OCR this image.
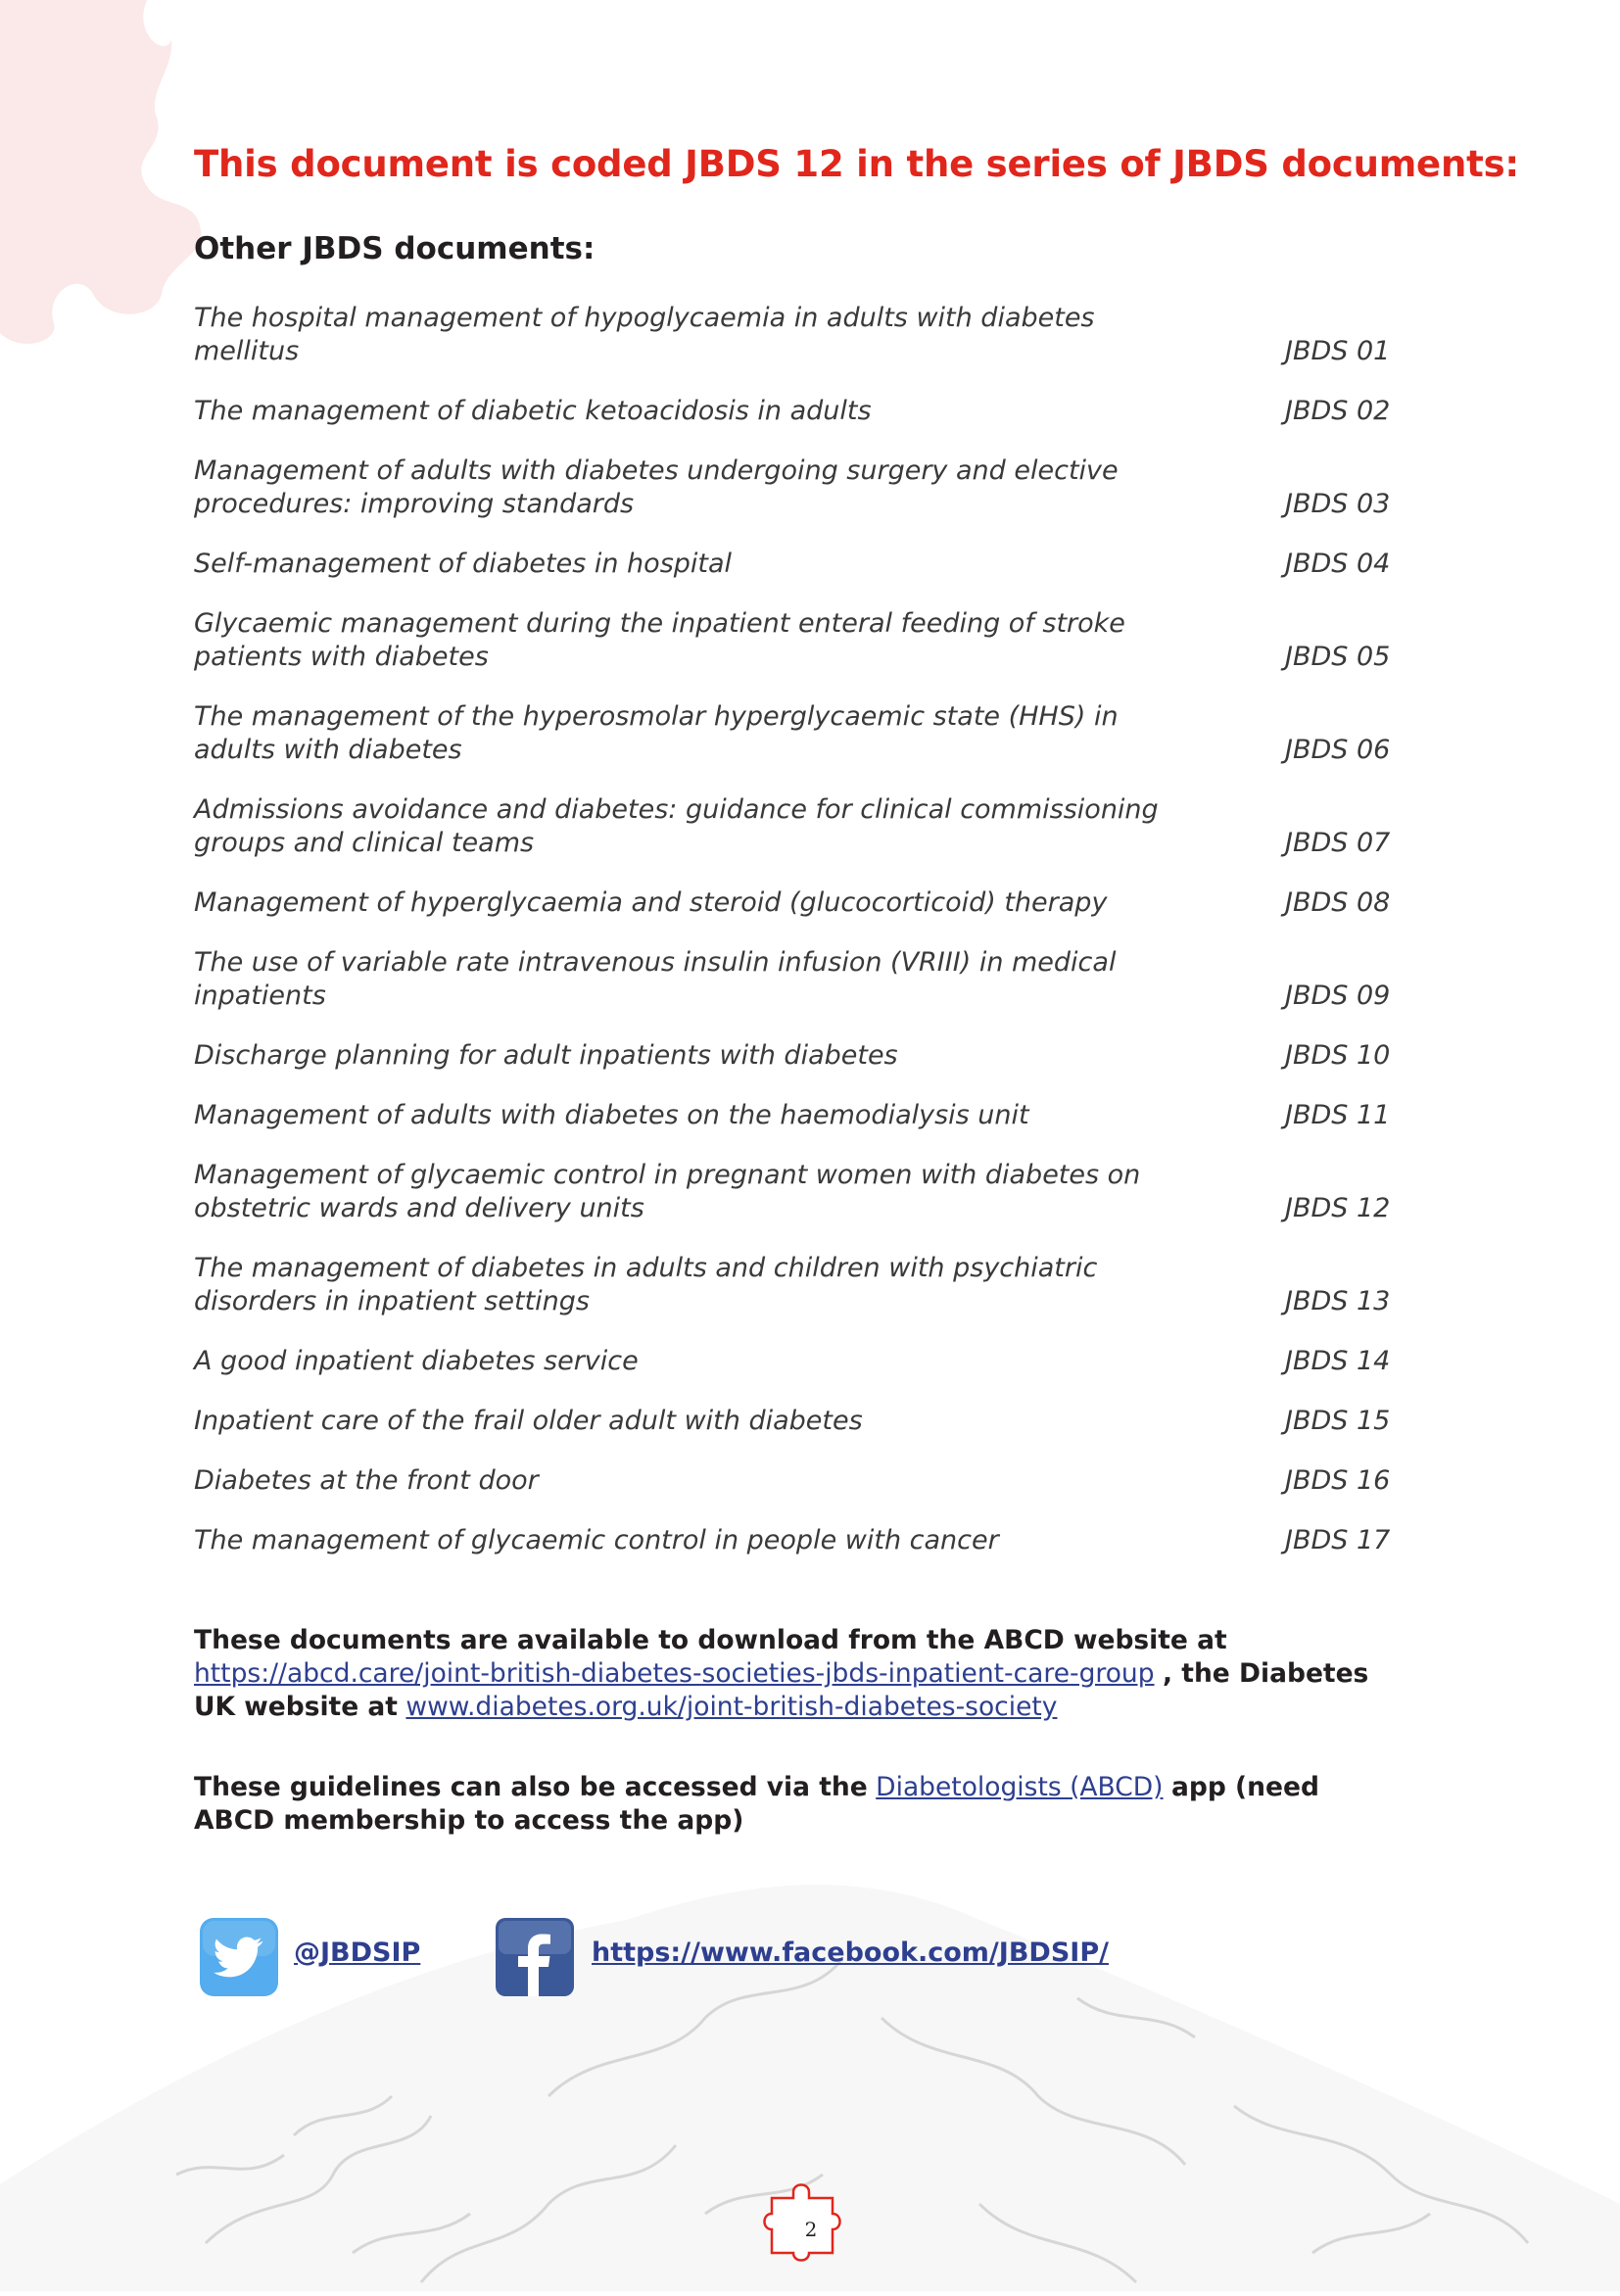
This document is coded JBDS 12 in the series of JBDS documents:
Other JBDS documents:
The hospital management of hypoglycaemia in adults with diabetes mellitus	JBDS 01
The management of diabetic ketoacidosis in adults	JBDS 02
Management of adults with diabetes undergoing surgery and elective procedures: improving standards	JBDS 03
Self-management of diabetes in hospital	JBDS 04
Glycaemic management during the inpatient enteral feeding of stroke patients with diabetes	JBDS 05
The management of the hyperosmolar hyperglycaemic state (HHS) in adults with diabetes	JBDS 06
Admissions avoidance and diabetes: guidance for clinical commissioning groups and clinical teams	JBDS 07
Management of hyperglycaemia and steroid (glucocorticoid) therapy	JBDS 08
The use of variable rate intravenous insulin infusion (VRIII) in medical inpatients	JBDS 09
Discharge planning for adult inpatients with diabetes	JBDS 10
Management of adults with diabetes on the haemodialysis unit	JBDS 11
Management of glycaemic control in pregnant women with diabetes on obstetric wards and delivery units	JBDS 12
The management of diabetes in adults and children with psychiatric disorders in inpatient settings	JBDS 13
A good inpatient diabetes service	JBDS 14
Inpatient care of the frail older adult with diabetes	JBDS 15
Diabetes at the front door	JBDS 16
The management of glycaemic control in people with cancer	JBDS 17

These documents are available to download from the ABCD website at
https://abcd.care/joint-british-diabetes-societies-jbds-inpatient-care-group , the Diabetes UK website at www.diabetes.org.uk/joint-british-diabetes-society

These guidelines can also be accessed via the Diabetologists (ABCD) app (need ABCD membership to access the app)

@JBDSIP	https://www.facebook.com/JBDSIP/
2
